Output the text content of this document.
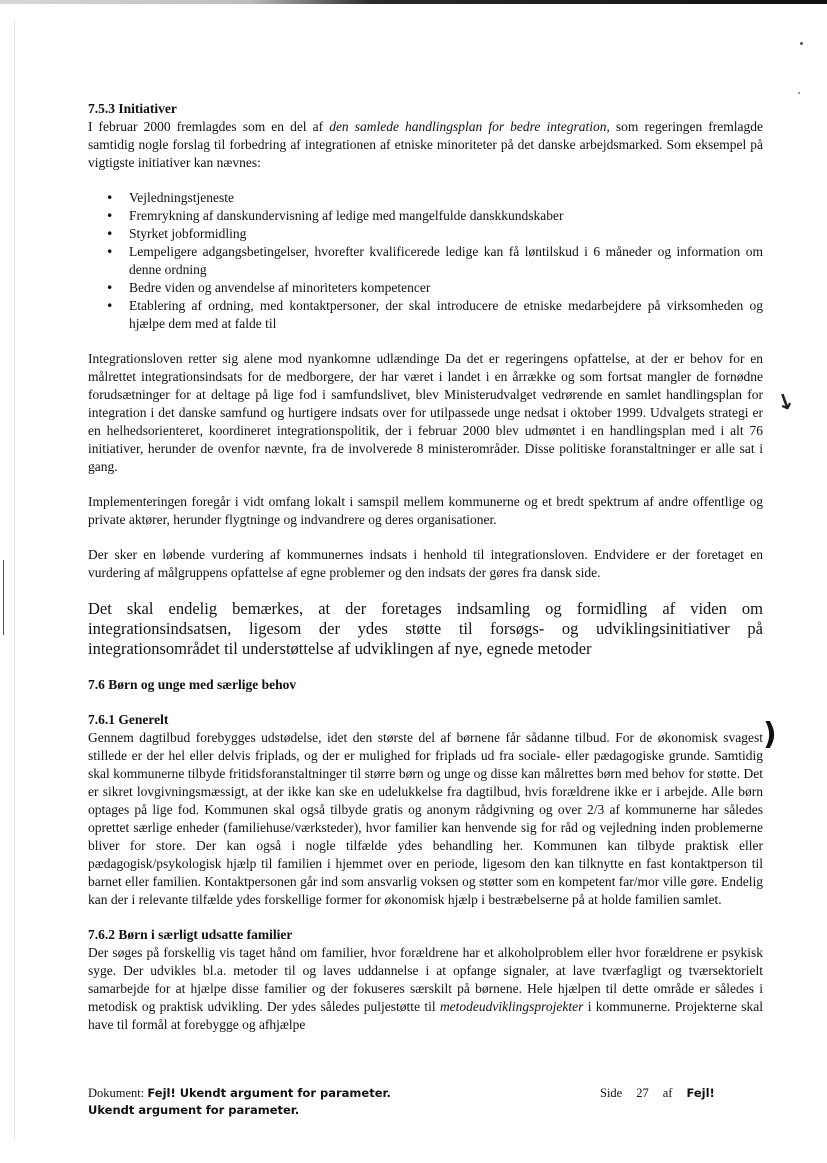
↘
)
7.5.3 Initiativer

I februar 2000 fremlagdes som en del af den samlede handlingsplan for bedre integration, som regeringen fremlagde samtidig nogle forslag til forbedring af integrationen af etniske minoriteter på det danske arbejdsmarked. Som eksempel på vigtigste initiativer kan nævnes:

• Vejledningstjeneste
• Fremrykning af danskundervisning af ledige med mangelfulde danskkundskaber
• Styrket jobformidling
• Lempeligere adgangsbetingelser, hvorefter kvalificerede ledige kan få løntilskud i 6 måneder og information om denne ordning
• Bedre viden og anvendelse af minoriteters kompetencer
• Etablering af ordning, med kontaktpersoner, der skal introducere de etniske medarbejdere på virksomheden og hjælpe dem med at falde til

Integrationsloven retter sig alene mod nyankomne udlændinge Da det er regeringens opfattelse, at der er behov for en målrettet integrationsindsats for de medborgere, der har været i landet i en årrække og som fortsat mangler de fornødne forudsætninger for at deltage på lige fod i samfundslivet, blev Ministerudvalget vedrørende en samlet handlingsplan for integration i det danske samfund og hurtigere indsats over for utilpassede unge nedsat i oktober 1999. Udvalgets strategi er en helhedsorienteret, koordineret integrationspolitik, der i februar 2000 blev udmøntet i en handlingsplan med i alt 76 initiativer, herunder de ovenfor nævnte, fra de involverede 8 ministerområder. Disse politiske foranstaltninger er alle sat i gang.

Implementeringen foregår i vidt omfang lokalt i samspil mellem kommunerne og et bredt spektrum af andre offentlige og private aktører, herunder flygtninge og indvandrere og deres organisationer.

Der sker en løbende vurdering af kommunernes indsats i henhold til integrationsloven. Endvidere er der foretaget en vurdering af målgruppens opfattelse af egne problemer og den indsats der gøres fra dansk side.

Det skal endelig bemærkes, at der foretages indsamling og formidling af viden om integrationsindsatsen, ligesom der ydes støtte til forsøgs- og udviklingsinitiativer på integrationsområdet til understøttelse af udviklingen af nye, egnede metoder

7.6 Børn og unge med særlige behov
7.6.1 Generelt

Gennem dagtilbud forebygges udstødelse, idet den største del af børnene får sådanne tilbud. For de økonomisk svagest stillede er der hel eller delvis friplads, og der er mulighed for friplads ud fra sociale- eller pædagogiske grunde. Samtidig skal kommunerne tilbyde fritidsforanstaltninger til større børn og unge og disse kan målrettes børn med behov for støtte. Det er sikret lovgivningsmæssigt, at der ikke kan ske en udelukkelse fra dagtilbud, hvis forældrene ikke er i arbejde. Alle børn optages på lige fod. Kommunen skal også tilbyde gratis og anonym rådgivning og over 2/3 af kommunerne har således oprettet særlige enheder (familiehuse/værksteder), hvor familier kan henvende sig for råd og vejledning inden problemerne bliver for store. Der kan også i nogle tilfælde ydes behandling her. Kommunen kan tilbyde praktisk eller pædagogisk/psykologisk hjælp til familien i hjemmet over en periode, ligesom den kan tilknytte en fast kontaktperson til barnet eller familien. Kontaktpersonen går ind som ansvarlig voksen og støtter som en kompetent far/mor ville gøre. Endelig kan der i relevante tilfælde ydes forskellige former for økonomisk hjælp i bestræbelserne på at holde familien samlet.

7.6.2 Børn i særligt udsatte familier

Der søges på forskellig vis taget hånd om familier, hvor forældrene har et alkoholproblem eller hvor forældrene er psykisk syge. Der udvikles bl.a. metoder til og laves uddannelse i at opfange signaler, at lave tværfagligt og tværsektorielt samarbejde for at hjælpe disse familier og der fokuseres særskilt på børnene. Hele hjælpen til dette område er således i metodisk og praktisk udvikling. Der ydes således puljestøtte til metodeudviklingsprojekter i kommunerne. Projekterne skal have til formål at forebygge og afhjælpe

Dokument: Fejl! Ukendt argument for parameter.	Side 27 af Fejl!
Ukendt argument for parameter.
